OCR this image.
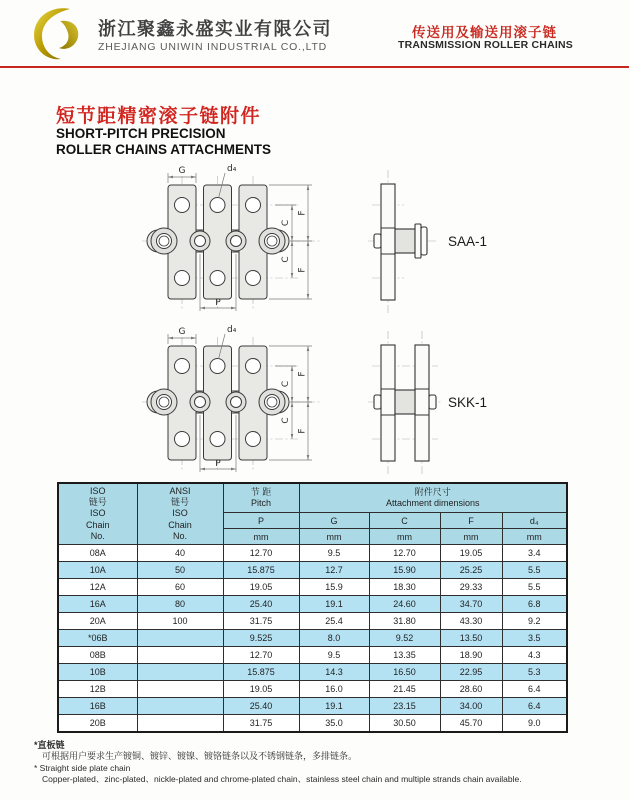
浙江聚鑫永盛实业有限公司
ZHEJIANG UNIWIN INDUSTRIAL CO.,LTD
传送用及输送用滚子链
TRANSMISSION ROLLER CHAINS
短节距精密滚子链附件
SHORT-PITCH PRECISION
ROLLER CHAINS ATTACHMENTS
G	d₄
C
F
C
F
P
SAA-1
G	d₄
C
F
C
F
P
SKK-1
ISO
链号
ISO
Chain
No.

ANSI
链号
ISO
Chain
No.

节 距
Pitch

附件尺寸
Attachment dimensions

		P	G	C	F	d₄
		mm	mm	mm	mm	mm
08A	40	12.70	9.5	12.70	19.05	3.4
10A	50	15.875	12.7	15.90	25.25	5.5
12A	60	19.05	15.9	18.30	29.33	5.5
16A	80	25.40	19.1	24.60	34.70	6.8
20A	100	31.75	25.4	31.80	43.30	9.2
*06B		9.525	8.0	9.52	13.50	3.5
08B		12.70	9.5	13.35	18.90	4.3
10B		15.875	14.3	16.50	22.95	5.3
12B		19.05	16.0	21.45	28.60	6.4
16B		25.40	19.1	23.15	34.00	6.4
20B		31.75	35.0	30.50	45.70	9.0
*直板链
可根据用户要求生产镀铜、镀锌、镀镍、镀铬链条以及不锈钢链条，多排链条。
* Straight side plate chain
Copper-plated、zinc-plated、nickle-plated and chrome-plated chain、stainless steel chain and multiple strands chain available.
